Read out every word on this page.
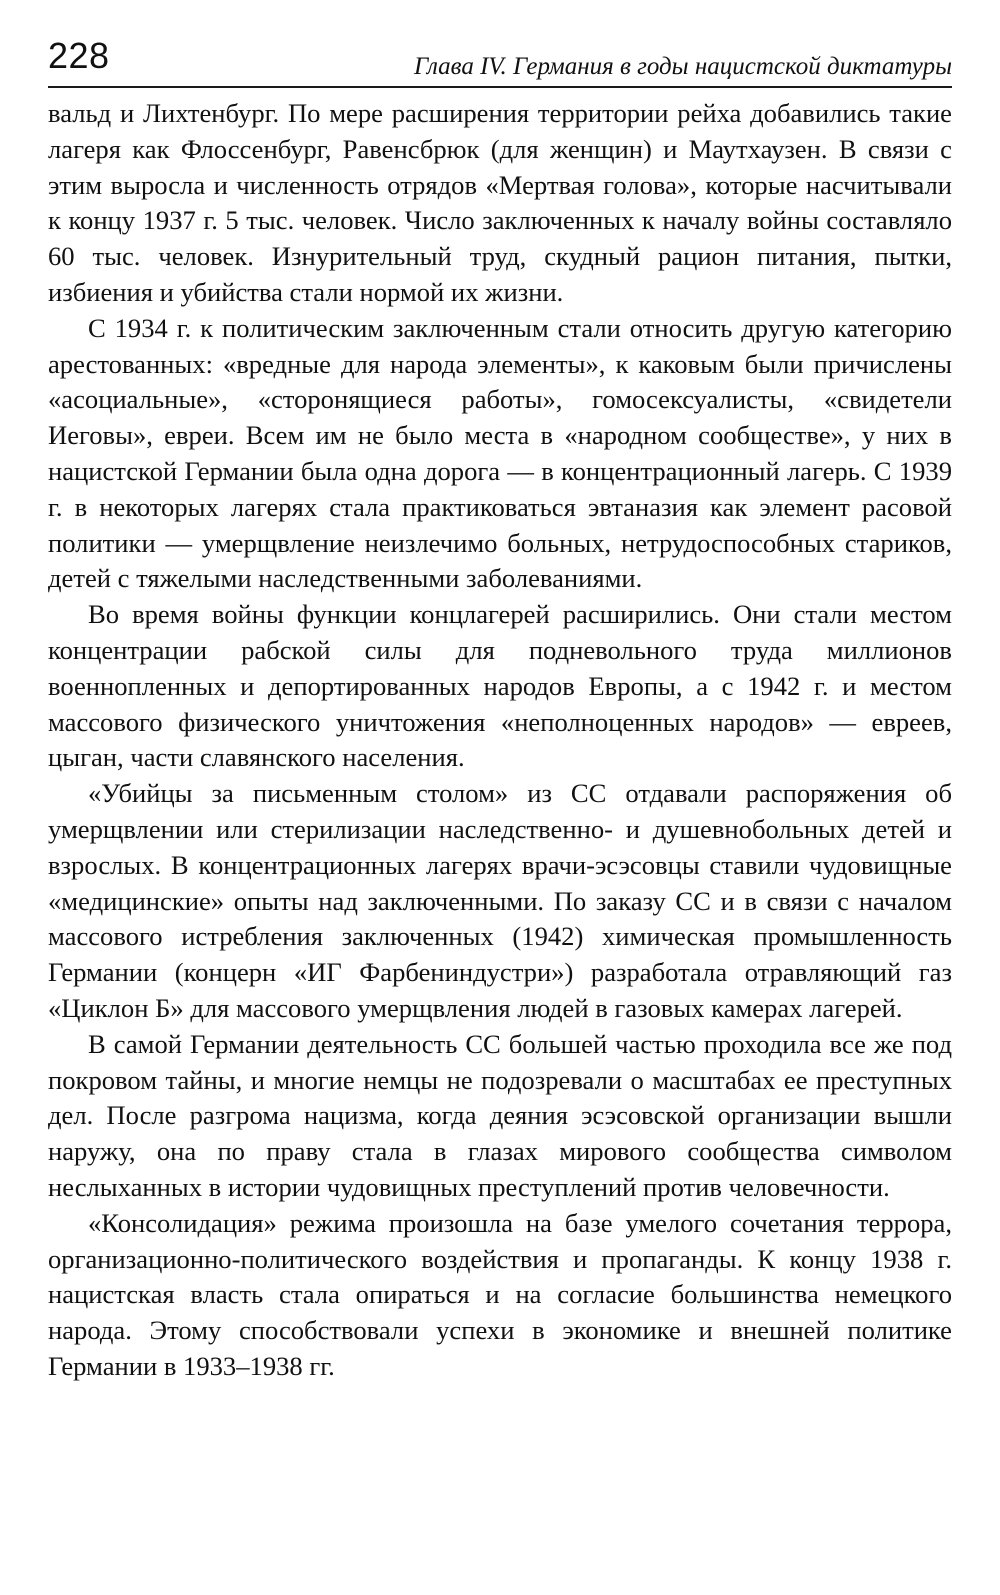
228	Глава IV. Германия в годы нацистской диктатуры

вальд и Лихтенбург. По мере расширения территории рейха добавились такие лагеря как Флоссенбург, Равенсбрюк (для женщин) и Маутхаузен. В связи с этим выросла и численность отрядов «Мертвая голова», которые насчитывали к концу 1937 г. 5 тыс. человек. Число заключенных к началу войны составляло 60 тыс. человек. Изнурительный труд, скудный рацион питания, пытки, избиения и убийства стали нормой их жизни.

С 1934 г. к политическим заключенным стали относить другую категорию арестованных: «вредные для народа элементы», к каковым были причислены «асоциальные», «сторонящиеся работы», гомосексуалисты, «свидетели Иеговы», евреи. Всем им не было места в «народном сообществе», у них в нацистской Германии была одна дорога — в концентрационный лагерь. С 1939 г. в некоторых лагерях стала практиковаться эвтаназия как элемент расовой политики — умерщвление неизлечимо больных, нетрудоспособных стариков, детей с тяжелыми наследственными заболеваниями.

Во время войны функции концлагерей расширились. Они стали местом концентрации рабской силы для подневольного труда миллионов военнопленных и депортированных народов Европы, а с 1942 г. и местом массового физического уничтожения «неполноценных народов» — евреев, цыган, части славянского населения.

«Убийцы за письменным столом» из СС отдавали распоряжения об умерщвлении или стерилизации наследственно- и душевнобольных детей и взрослых. В концентрационных лагерях врачи-эсэсовцы ставили чудовищные «медицинские» опыты над заключенными. По заказу СС и в связи с началом массового истребления заключенных (1942) химическая промышленность Германии (концерн «ИГ Фарбениндустри») разработала отравляющий газ «Циклон Б» для массового умерщвления людей в газовых камерах лагерей.

В самой Германии деятельность СС большей частью проходила все же под покровом тайны, и многие немцы не подозревали о масштабах ее преступных дел. После разгрома нацизма, когда деяния эсэсовской организации вышли наружу, она по праву стала в глазах мирового сообщества символом неслыханных в истории чудовищных преступлений против человечности.

«Консолидация» режима произошла на базе умелого сочетания террора, организационно-политического воздействия и пропаганды. К концу 1938 г. нацистская власть стала опираться и на согласие большинства немецкого народа. Этому способствовали успехи в экономике и внешней политике Германии в 1933–1938 гг.
